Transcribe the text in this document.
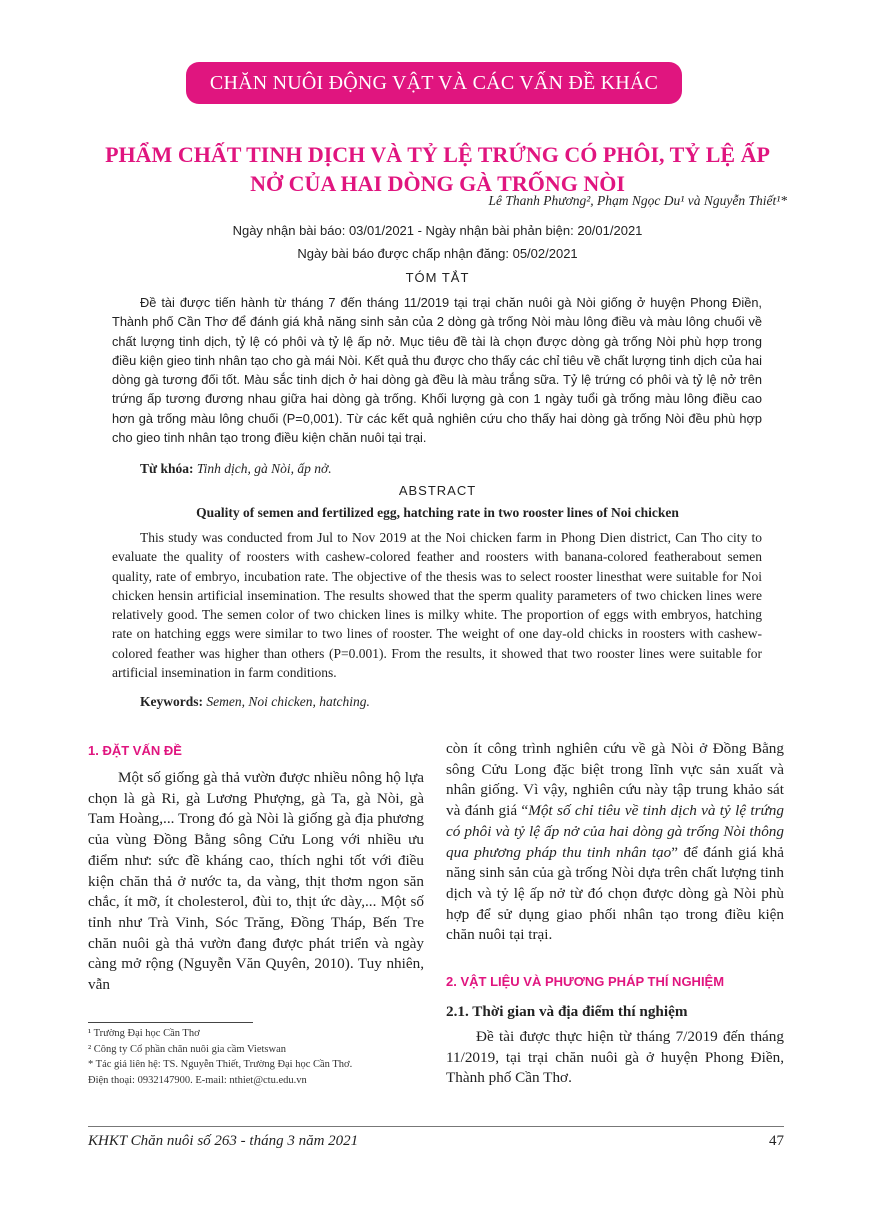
CHĂN NUÔI ĐỘNG VẬT VÀ CÁC VẤN ĐỀ KHÁC
PHẨM CHẤT TINH DỊCH VÀ TỶ LỆ TRỨNG CÓ PHÔI, TỶ LỆ ẤP
NỞ CỦA HAI DÒNG GÀ TRỐNG NÒI
Lê Thanh Phương², Phạm Ngọc Du¹ và Nguyễn Thiết¹*
Ngày nhận bài báo: 03/01/2021 - Ngày nhận bài phản biện: 20/01/2021
Ngày bài báo được chấp nhận đăng: 05/02/2021
TÓM TẮT

Đề tài được tiến hành từ tháng 7 đến tháng 11/2019 tại trại chăn nuôi gà Nòi giống ở huyện Phong Điền, Thành phố Cần Thơ để đánh giá khả năng sinh sản của 2 dòng gà trống Nòi màu lông điều và màu lông chuối về chất lượng tinh dịch, tỷ lệ có phôi và tỷ lệ ấp nở. Mục tiêu đề tài là chọn được dòng gà trống Nòi phù hợp trong điều kiện gieo tinh nhân tạo cho gà mái Nòi. Kết quả thu được cho thấy các chỉ tiêu về chất lượng tinh dịch của hai dòng gà tương đối tốt. Màu sắc tinh dịch ở hai dòng gà đều là màu trắng sữa. Tỷ lệ trứng có phôi và tỷ lệ nở trên trứng ấp tương đương nhau giữa hai dòng gà trống. Khối lượng gà con 1 ngày tuổi gà trống màu lông điều cao hơn gà trống màu lông chuối (P=0,001). Từ các kết quả nghiên cứu cho thấy hai dòng gà trống Nòi đều phù hợp cho gieo tinh nhân tạo trong điều kiện chăn nuôi tại trại.

Từ khóa: Tinh dịch, gà Nòi, ấp nở.
ABSTRACT
Quality of semen and fertilized egg, hatching rate in two rooster lines of Noi chicken

This study was conducted from Jul to Nov 2019 at the Noi chicken farm in Phong Dien district, Can Tho city to evaluate the quality of roosters with cashew-colored feather and roosters with banana-colored featherabout semen quality, rate of embryo, incubation rate. The objective of the thesis was to select rooster linesthat were suitable for Noi chicken hensin artificial insemination. The results showed that the sperm quality parameters of two chicken lines were relatively good. The semen color of two chicken lines is milky white. The proportion of eggs with embryos, hatching rate on hatching eggs were similar to two lines of rooster. The weight of one day-old chicks in roosters with cashew-colored feather was higher than others (P=0.001). From the results, it showed that two rooster lines were suitable for artificial insemination in farm conditions.

Keywords: Semen, Noi chicken, hatching.
1. ĐẶT VẤN ĐỀ

Một số giống gà thả vườn được nhiều nông hộ lựa chọn là gà Ri, gà Lương Phượng, gà Ta, gà Nòi, gà Tam Hoàng,... Trong đó gà Nòi là giống gà địa phương của vùng Đồng Bằng sông Cửu Long với nhiều ưu điểm như: sức đề kháng cao, thích nghi tốt với điều kiện chăn thả ở nước ta, da vàng, thịt thơm ngon săn chắc, ít mỡ, ít cholesterol, đùi to, thịt ức dày,... Một số tỉnh như Trà Vinh, Sóc Trăng, Đồng Tháp, Bến Tre chăn nuôi gà thả vườn đang được phát triển và ngày càng mở rộng (Nguyễn Văn Quyên, 2010). Tuy nhiên, vẫn

còn ít công trình nghiên cứu về gà Nòi ở Đồng Bằng sông Cửu Long đặc biệt trong lĩnh vực sản xuất và nhân giống. Vì vậy, nghiên cứu này tập trung khảo sát và đánh giá “Một số chỉ tiêu về tinh dịch và tỷ lệ trứng có phôi và tỷ lệ ấp nở của hai dòng gà trống Nòi thông qua phương pháp thu tinh nhân tạo” để đánh giá khả năng sinh sản của gà trống Nòi dựa trên chất lượng tinh dịch và tỷ lệ ấp nở từ đó chọn được dòng gà Nòi phù hợp để sử dụng giao phối nhân tạo trong điều kiện chăn nuôi tại trại.

2. VẬT LIỆU VÀ PHƯƠNG PHÁP THÍ NGHIỆM
2.1. Thời gian và địa điểm thí nghiệm

Đề tài được thực hiện từ tháng 7/2019 đến tháng 11/2019, tại trại chăn nuôi gà ở huyện Phong Điền, Thành phố Cần Thơ.

¹ Trường Đại học Cần Thơ
² Công ty Cổ phần chăn nuôi gia cầm Vietswan
* Tác giả liên hệ: TS. Nguyễn Thiết, Trường Đại học Cần Thơ.
Điện thoại: 0932147900. E-mail: nthiet@ctu.edu.vn
KHKT Chăn nuôi số 263 - tháng 3 năm 2021	47
